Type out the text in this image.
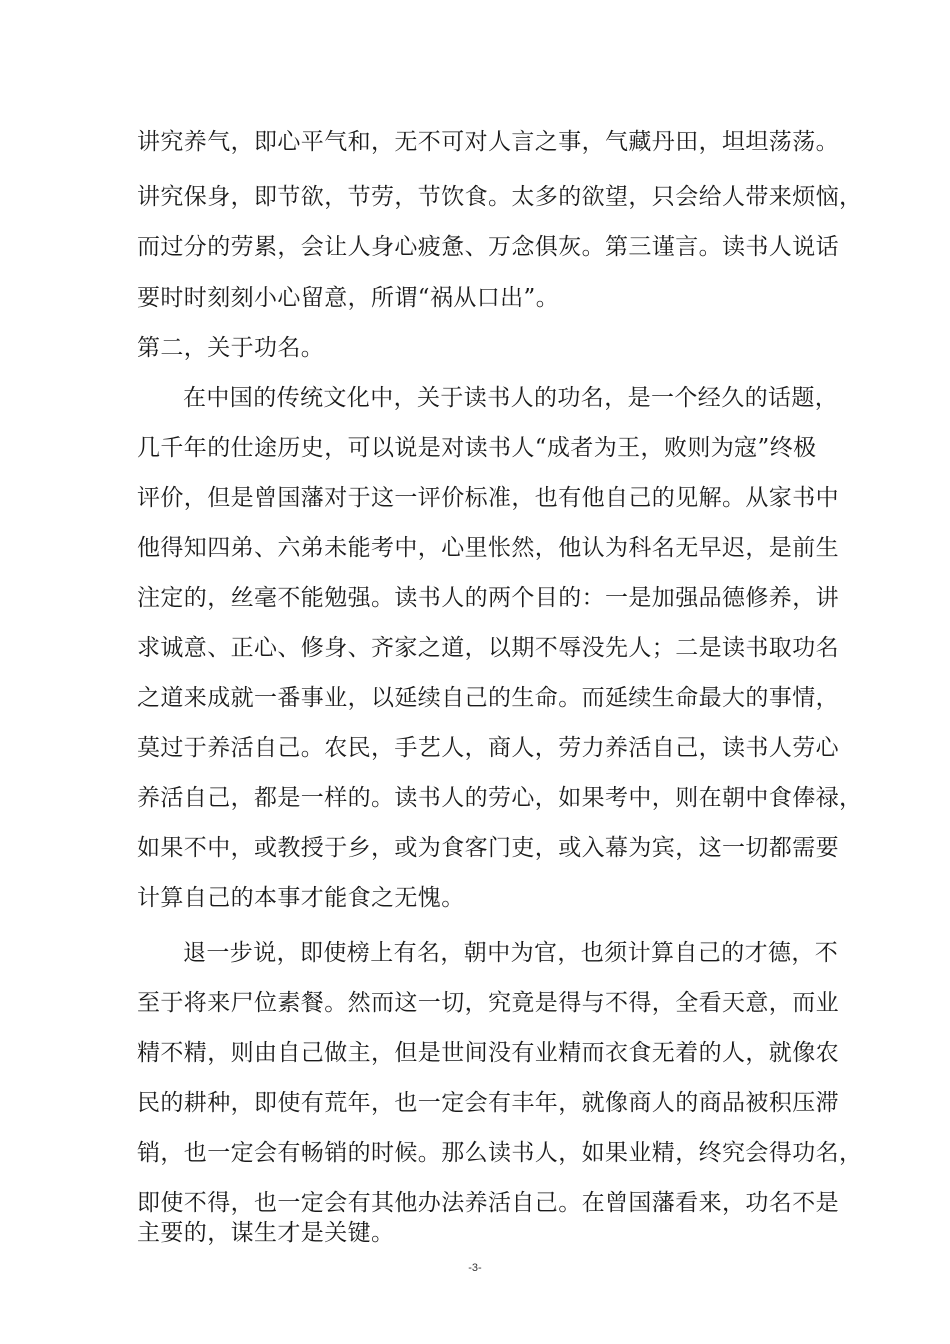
讲究养气，即心平气和，无不可对人言之事，气藏丹田，坦坦荡荡。
讲究保身，即节欲，节劳，节饮食。太多的欲望，只会给人带来烦恼，
而过分的劳累，会让人身心疲惫、万念俱灰。第三谨言。读书人说话
要时时刻刻小心留意，所谓“祸从口出”。
第二，关于功名。
在中国的传统文化中，关于读书人的功名，是一个经久的话题，
几千年的仕途历史，可以说是对读书人“成者为王，败则为寇”终极
评价，但是曾国藩对于这一评价标准，也有他自己的见解。从家书中
他得知四弟、六弟未能考中，心里怅然，他认为科名无早迟，是前生
注定的，丝毫不能勉强。读书人的两个目的：一是加强品德修养，讲
求诚意、正心、修身、齐家之道，以期不辱没先人；二是读书取功名
之道来成就一番事业，以延续自己的生命。而延续生命最大的事情，
莫过于养活自己。农民，手艺人，商人，劳力养活自己，读书人劳心
养活自己，都是一样的。读书人的劳心，如果考中，则在朝中食俸禄，
如果不中，或教授于乡，或为食客门吏，或入幕为宾，这一切都需要
计算自己的本事才能食之无愧。
退一步说，即使榜上有名，朝中为官，也须计算自己的才德，不
至于将来尸位素餐。然而这一切，究竟是得与不得，全看天意，而业
精不精，则由自己做主，但是世间没有业精而衣食无着的人，就像农
民的耕种，即使有荒年，也一定会有丰年，就像商人的商品被积压滞
销，也一定会有畅销的时候。那么读书人，如果业精，终究会得功名，
即使不得，也一定会有其他办法养活自己。在曾国藩看来，功名不是
主要的，谋生才是关键。
-3-
